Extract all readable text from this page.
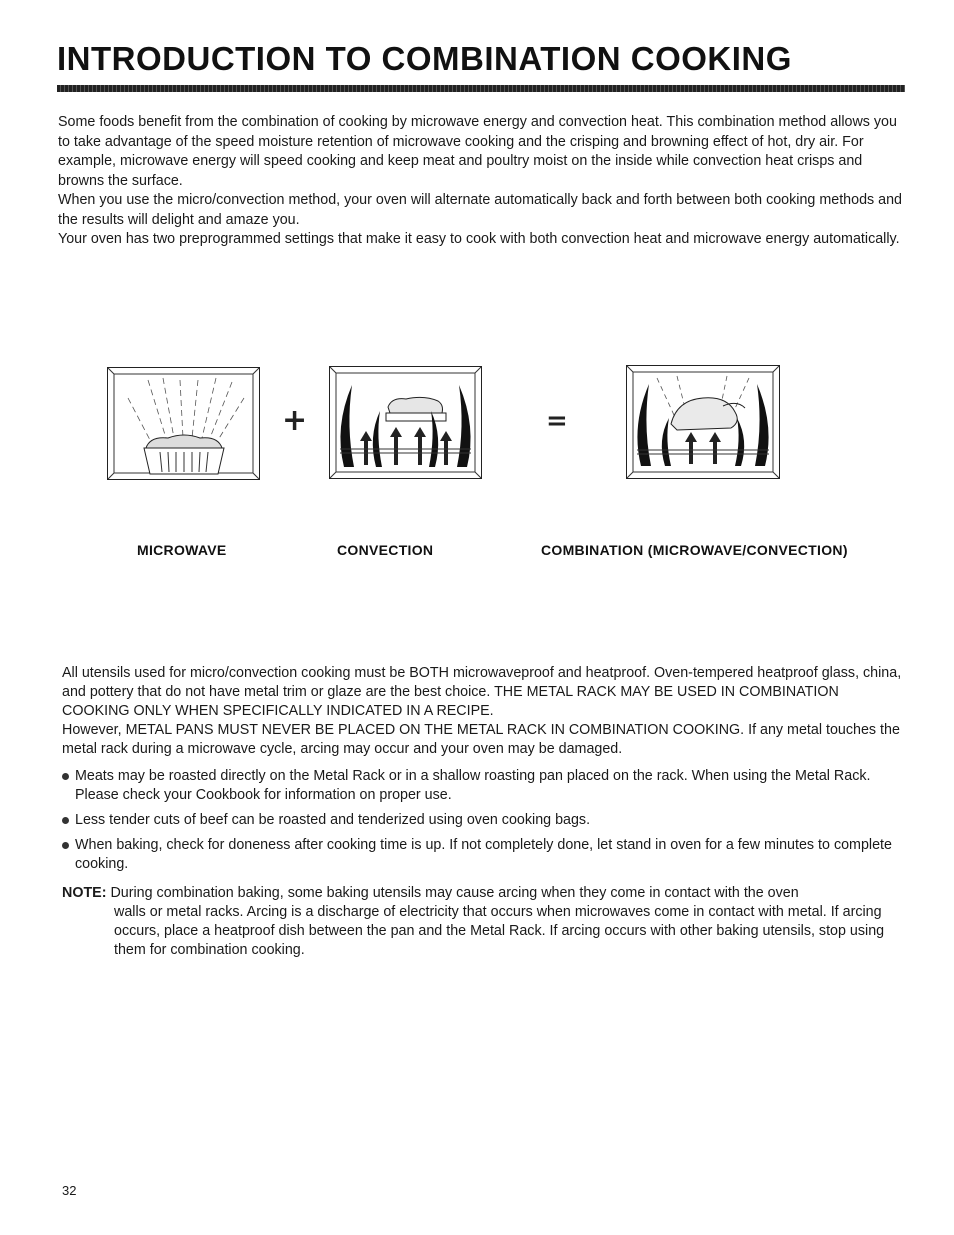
INTRODUCTION TO COMBINATION COOKING

Some foods benefit from the combination of cooking by microwave energy and convection heat. This combination method allows you to take advantage of the speed moisture retention of microwave cooking and the crisping and browning effect of hot, dry air. For example, microwave energy will speed cooking and keep meat and poultry moist on the inside while convection heat crisps and browns the surface.

When you use the micro/convection method, your oven will alternate automatically back and forth between both cooking methods and the results will delight and amaze you.

Your oven has two preprogrammed settings that make it easy to cook with both convection heat and microwave energy automatically.

+	=
MICROWAVE	CONVECTION	COMBINATION (MICROWAVE/CONVECTION)

All utensils used for micro/convection cooking must be BOTH microwaveproof and heatproof. Oven-tempered heatproof glass, china, and pottery that do not have metal trim or glaze are the best choice. THE METAL RACK MAY BE USED IN COMBINATION COOKING ONLY WHEN SPECIFICALLY INDICATED IN A RECIPE.

However, METAL PANS MUST NEVER BE PLACED ON THE METAL RACK IN COMBINATION COOKING. If any metal touches the metal rack during a microwave cycle, arcing may occur and your oven may be damaged.

Meats may be roasted directly on the Metal Rack or in a shallow roasting pan placed on the rack. When using the Metal Rack. Please check your Cookbook for information on proper use.
Less tender cuts of beef can be roasted and tenderized using oven cooking bags.
When baking, check for doneness after cooking time is up. If not completely done, let stand in oven for a few minutes to complete cooking.
NOTE: During combination baking, some baking utensils may cause arcing when they come in contact with the oven
walls or metal racks. Arcing is a discharge of electricity that occurs when microwaves come in contact with metal. If arcing occurs, place a heatproof dish between the pan and the Metal Rack. If arcing occurs with other baking utensils, stop using them for combination cooking.
32
